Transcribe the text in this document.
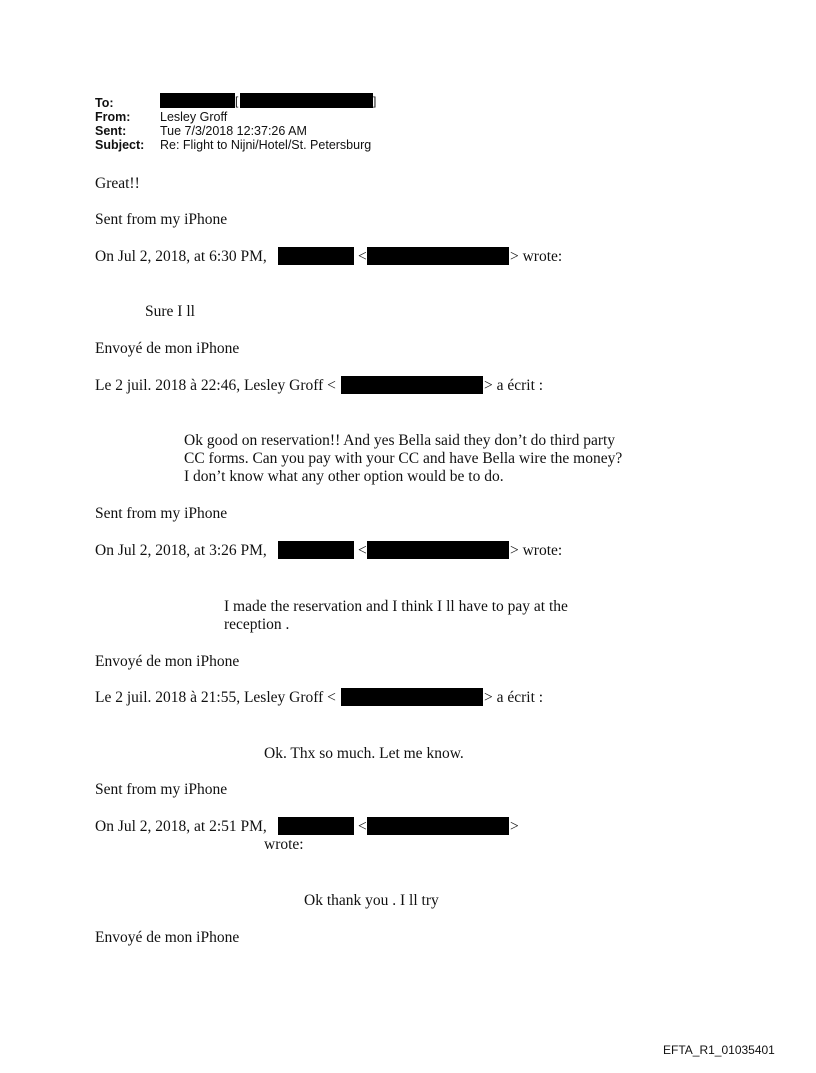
To:	[	]
From: Lesley Groff
Sent:	Tue 7/3/2018 12:37:26 AM
Subject: Re: Flight to Nijni/Hotel/St. Petersburg
Great!!
Sent from my iPhone
On Jul 2, 2018, at 6:30 PM,	<	> wrote:
Sure I ll
Envoyé de mon iPhone
Le 2 juil. 2018 à 22:46, Lesley Groff <	> a écrit :
Ok good on reservation!! And yes Bella said they don’t do third party
CC forms. Can you pay with your CC and have Bella wire the money?
I don’t know what any other option would be to do.
Sent from my iPhone
On Jul 2, 2018, at 3:26 PM,	<	> wrote:
I made the reservation and I think I ll have to pay at the
reception .
Envoyé de mon iPhone
Le 2 juil. 2018 à 21:55, Lesley Groff <	> a écrit :
Ok. Thx so much. Let me know.
Sent from my iPhone
On Jul 2, 2018, at 2:51 PM,	<	>
wrote:
Ok thank you . I ll try
Envoyé de mon iPhone
EFTA_R1_01035401
